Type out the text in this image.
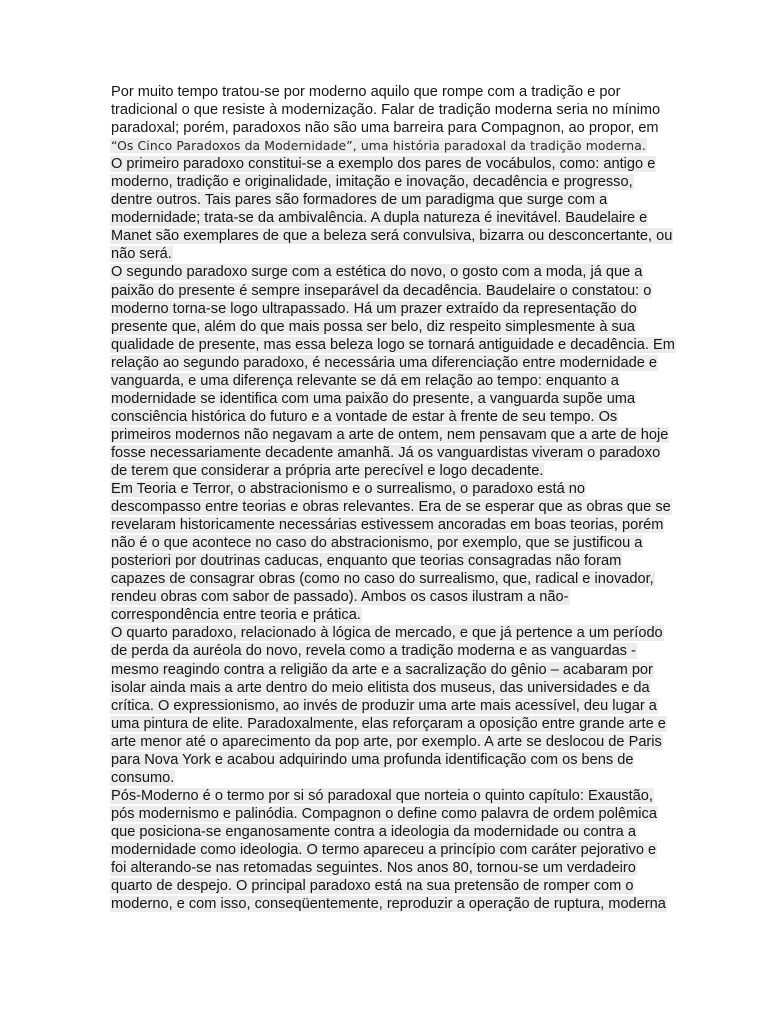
Por muito tempo tratou-se por moderno aquilo que rompe com a tradição e por
tradicional o que resiste à modernização. Falar de tradição moderna seria no mínimo
paradoxal; porém, paradoxos não são uma barreira para Compagnon, ao propor, em
“Os Cinco Paradoxos da Modernidade”, uma história paradoxal da tradição moderna.
O primeiro paradoxo constitui-se a exemplo dos pares de vocábulos, como: antigo e
moderno, tradição e originalidade, imitação e inovação, decadência e progresso,
dentre outros. Tais pares são formadores de um paradigma que surge com a
modernidade; trata-se da ambivalência. A dupla natureza é inevitável. Baudelaire e
Manet são exemplares de que a beleza será convulsiva, bizarra ou desconcertante, ou
não será.
O segundo paradoxo surge com a estética do novo, o gosto com a moda, já que a
paixão do presente é sempre inseparável da decadência. Baudelaire o constatou: o
moderno torna-se logo ultrapassado. Há um prazer extraído da representação do
presente que, além do que mais possa ser belo, diz respeito simplesmente à sua
qualidade de presente, mas essa beleza logo se tornará antiguidade e decadência. Em
relação ao segundo paradoxo, é necessária uma diferenciação entre modernidade e
vanguarda, e uma diferença relevante se dá em relação ao tempo: enquanto a
modernidade se identifica com uma paixão do presente, a vanguarda supõe uma
consciência histórica do futuro e a vontade de estar à frente de seu tempo. Os
primeiros modernos não negavam a arte de ontem, nem pensavam que a arte de hoje
fosse necessariamente decadente amanhã. Já os vanguardistas viveram o paradoxo
de terem que considerar a própria arte perecível e logo decadente.
Em Teoria e Terror, o abstracionismo e o surrealismo, o paradoxo está no
descompasso entre teorias e obras relevantes. Era de se esperar que as obras que se
revelaram historicamente necessárias estivessem ancoradas em boas teorias, porém
não é o que acontece no caso do abstracionismo, por exemplo, que se justificou a
posteriori por doutrinas caducas, enquanto que teorias consagradas não foram
capazes de consagrar obras (como no caso do surrealismo, que, radical e inovador,
rendeu obras com sabor de passado). Ambos os casos ilustram a não-
correspondência entre teoria e prática.
O quarto paradoxo, relacionado à lógica de mercado, e que já pertence a um período
de perda da auréola do novo, revela como a tradição moderna e as vanguardas -
mesmo reagindo contra a religião da arte e a sacralização do gênio – acabaram por
isolar ainda mais a arte dentro do meio elitista dos museus, das universidades e da
crítica. O expressionismo, ao invés de produzir uma arte mais acessível, deu lugar a
uma pintura de elite. Paradoxalmente, elas reforçaram a oposição entre grande arte e
arte menor até o aparecimento da pop arte, por exemplo. A arte se deslocou de Paris
para Nova York e acabou adquirindo uma profunda identificação com os bens de
consumo.
Pós-Moderno é o termo por si só paradoxal que norteia o quinto capítulo: Exaustão,
pós modernismo e palinódia. Compagnon o define como palavra de ordem polêmica
que posiciona-se enganosamente contra a ideologia da modernidade ou contra a
modernidade como ideologia. O termo apareceu a princípio com caráter pejorativo e
foi alterando-se nas retomadas seguintes. Nos anos 80, tornou-se um verdadeiro
quarto de despejo. O principal paradoxo está na sua pretensão de romper com o
moderno, e com isso, conseqüentemente, reproduzir a operação de ruptura, moderna
